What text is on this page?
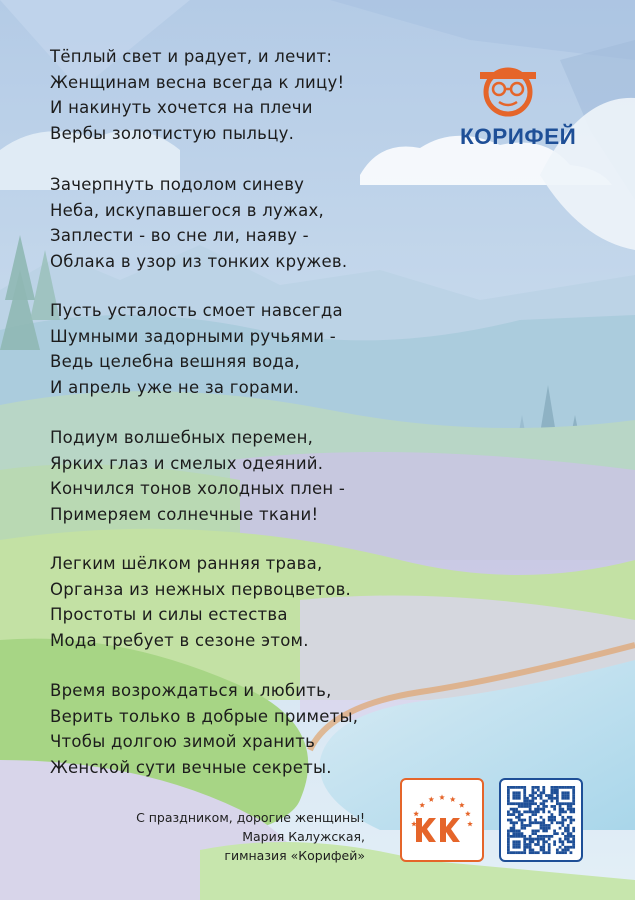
КОРИФЕЙ
Тёплый свет и радует, и лечит:
Женщинам весна всегда к лицу!
И накинуть хочется на плечи
Вербы золотистую пыльцу.
Зачерпнуть подолом синеву
Неба, искупавшегося в лужах,
Заплести - во сне ли, наяву -
Облака в узор из тонких кружев.
Пусть усталость смоет навсегда
Шумными задорными ручьями -
Ведь целебна вешняя вода,
И апрель уже не за горами.
Подиум волшебных перемен,
Ярких глаз и смелых одеяний.
Кончился тонов холодных плен -
Примеряем солнечные ткани!
Легким шёлком ранняя трава,
Органза из нежных первоцветов.
Простоты и силы естества
Мода требует в сезоне этом.
Время возрождаться и любить,
Верить только в добрые приметы,
Чтобы долгою зимой хранить
Женской сути вечные секреты.
С праздником, дорогие женщины!
Мария Калужская,
гимназия «Корифей»
